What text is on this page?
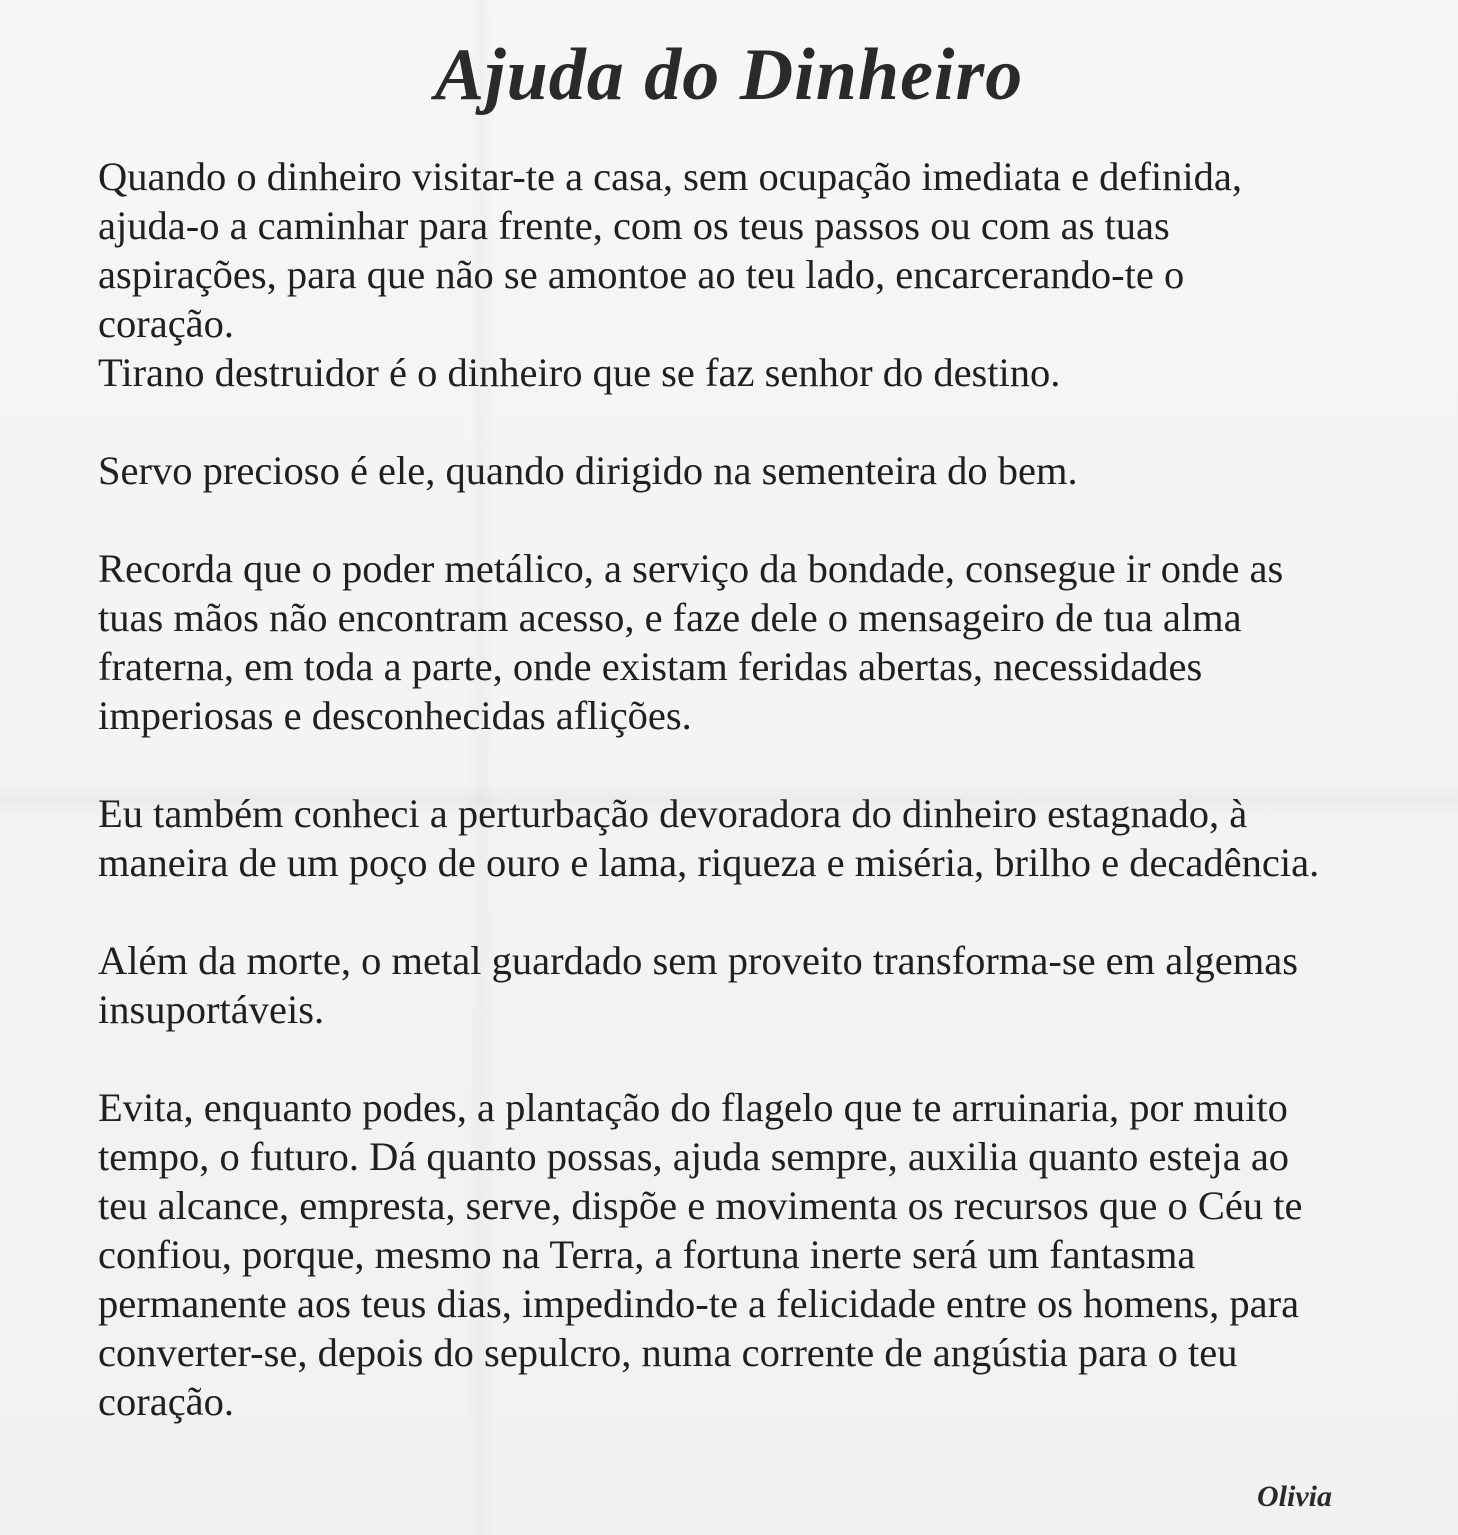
Ajuda do Dinheiro
Quando o dinheiro visitar-te a casa, sem ocupação imediata e definida,
ajuda-o a caminhar para frente, com os teus passos ou com as tuas
aspirações, para que não se amontoe ao teu lado, encarcerando-te o
coração.
Tirano destruidor é o dinheiro que se faz senhor do destino.
Servo precioso é ele, quando dirigido na sementeira do bem.
Recorda que o poder metálico, a serviço da bondade, consegue ir onde as
tuas mãos não encontram acesso, e faze dele o mensageiro de tua alma
fraterna, em toda a parte, onde existam feridas abertas, necessidades
imperiosas e desconhecidas aflições.
Eu também conheci a perturbação devoradora do dinheiro estagnado, à
maneira de um poço de ouro e lama, riqueza e miséria, brilho e decadência.
Além da morte, o metal guardado sem proveito transforma-se em algemas
insuportáveis.
Evita, enquanto podes, a plantação do flagelo que te arruinaria, por muito
tempo, o futuro. Dá quanto possas, ajuda sempre, auxilia quanto esteja ao
teu alcance, empresta, serve, dispõe e movimenta os recursos que o Céu te
confiou, porque, mesmo na Terra, a fortuna inerte será um fantasma
permanente aos teus dias, impedindo-te a felicidade entre os homens, para
converter-se, depois do sepulcro, numa corrente de angústia para o teu
coração.
Olivia
